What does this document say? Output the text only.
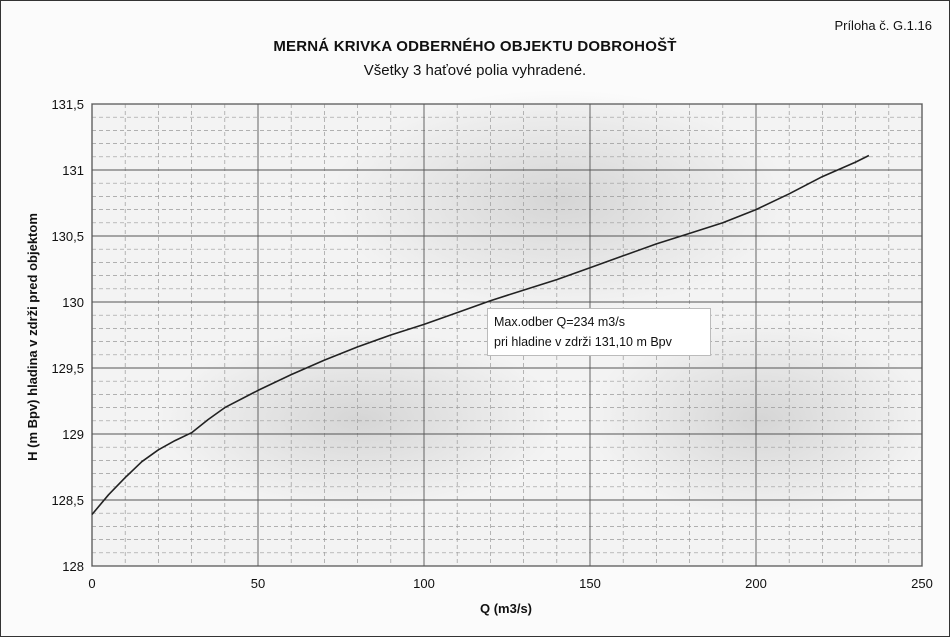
Príloha č. G.1.16
MERNÁ KRIVKA ODBERNÉHO OBJEKTU DOBROHOŠŤ
Všetky 3 haťové polia vyhradené.
0	50	100	150	200	250
128
128,5
129
129,5
130
130,5
131
131,5
Q (m3/s)
H (m Bpv) hladina v zdrži pred objektom	Max.odber Q=234 m3/s
pri hladine v zdrži 131,10 m Bpv
